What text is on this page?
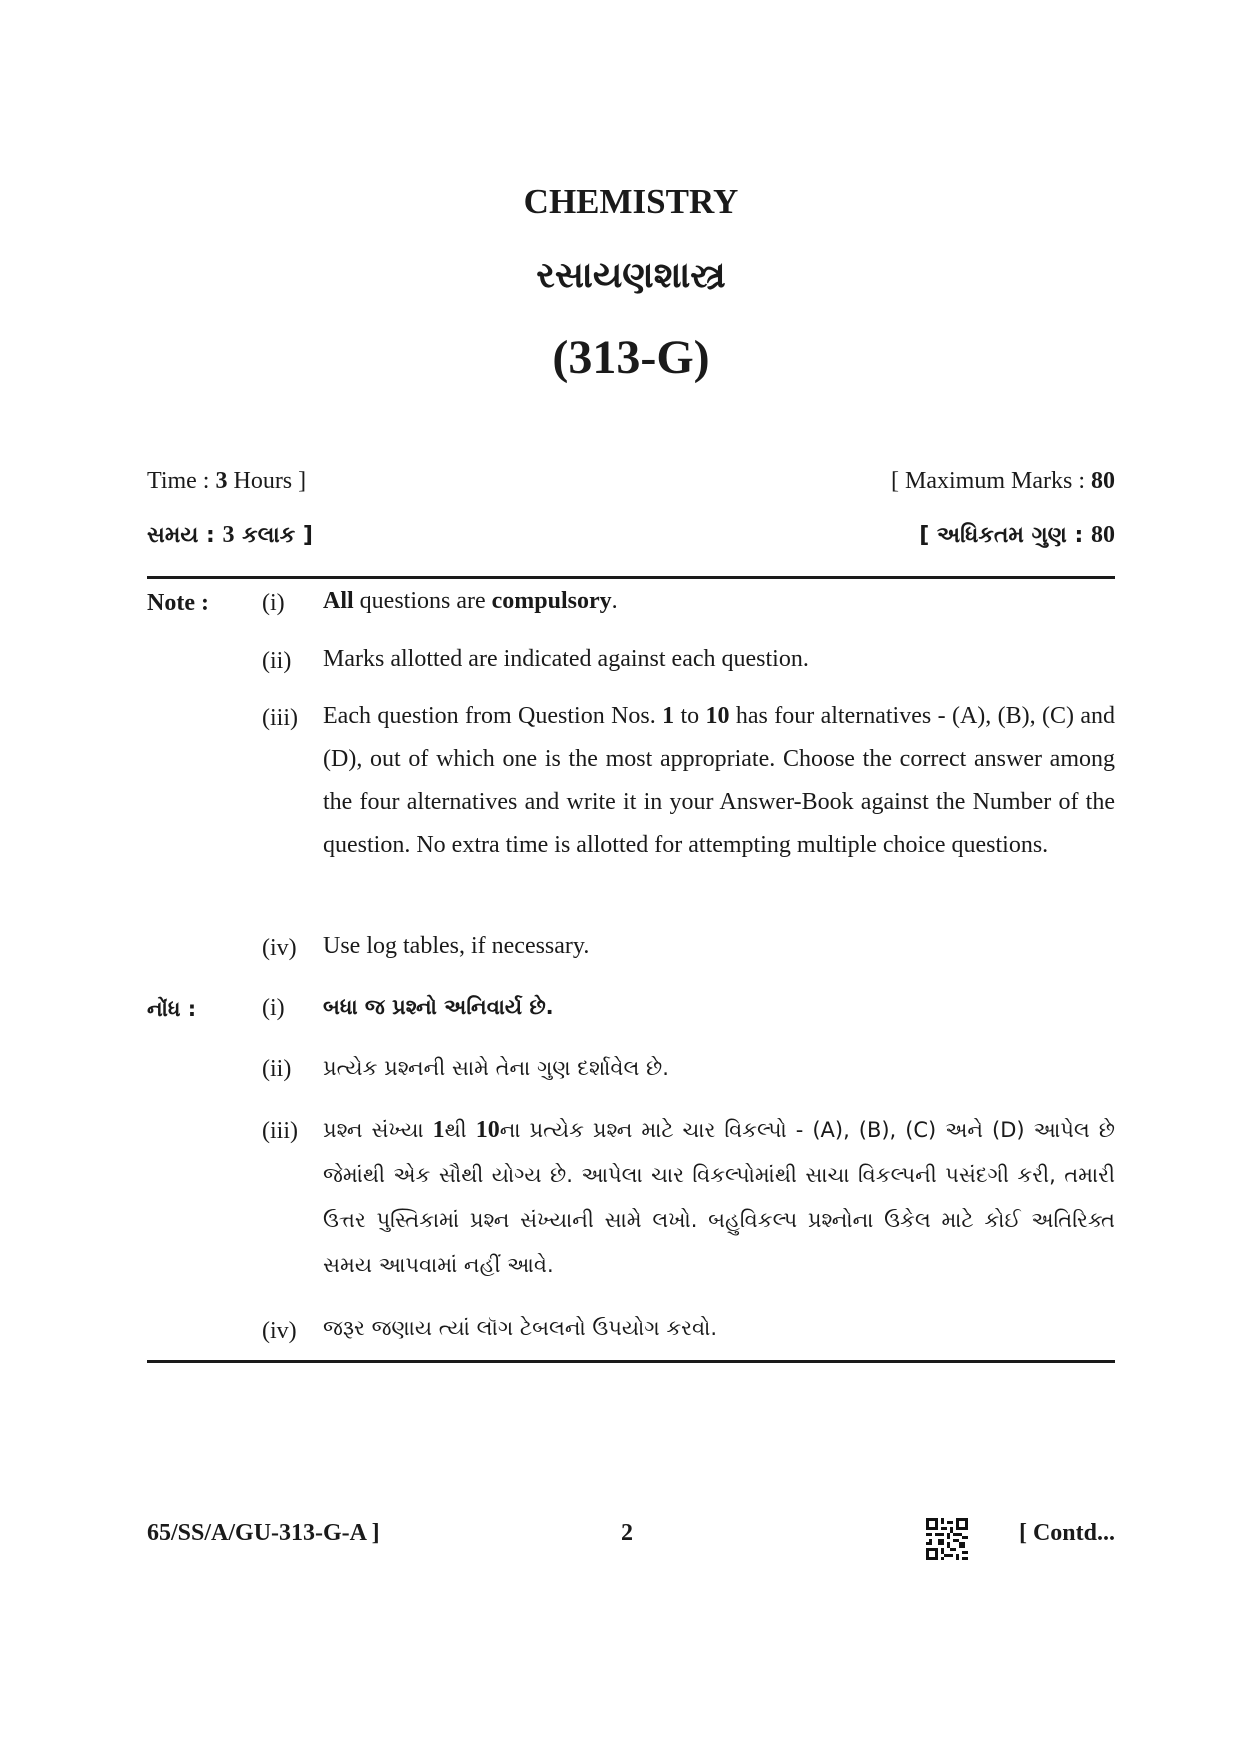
CHEMISTRY
રસાયણશાસ્ત્ર
(313-G)
Time : 3 Hours ]	[ Maximum Marks : 80
સમય : 3 કલાક ]	[ અધિકતમ ગુણ : 80
Note : (i) All questions are compulsory.
(ii) Marks allotted are indicated against each question.
(iii) Each question from Question Nos. 1 to 10 has four alternatives - (A), (B), (C) and (D), out of which one is the most appropriate. Choose the correct answer among the four alternatives and write it in your Answer-Book against the Number of the question. No extra time is allotted for attempting multiple choice questions.
(iv) Use log tables, if necessary.
નોંધ :	(i) બધા જ પ્રશ્નો અનિવાર્ય છે.
(ii) પ્રત્યેક પ્રશ્નની સામે તેના ગુણ દર્શાવેલ છે.
(iii) પ્રશ્ન સંખ્યા 1થી 10ના પ્રત્યેક પ્રશ્ન માટે ચાર વિકલ્પો - (A), (B), (C) અને (D) આપેલ છે જેમાંથી એક સૌથી યોગ્ય છે. આપેલા ચાર વિકલ્પોમાંથી સાચા વિકલ્પની પસંદગી કરી, તમારી ઉત્તર પુસ્તિકામાં પ્રશ્ન સંખ્યાની સામે લખો. બહુવિકલ્પ પ્રશ્નોના ઉકેલ માટે કોઈ અતિરિક્ત સમય આપવામાં નહીં આવે.
(iv) જરૂર જણાય ત્યાં લૉગ ટેબલનો ઉપયોગ કરવો.
65/SS/A/GU-313-G-A ]	2	[ Contd...
